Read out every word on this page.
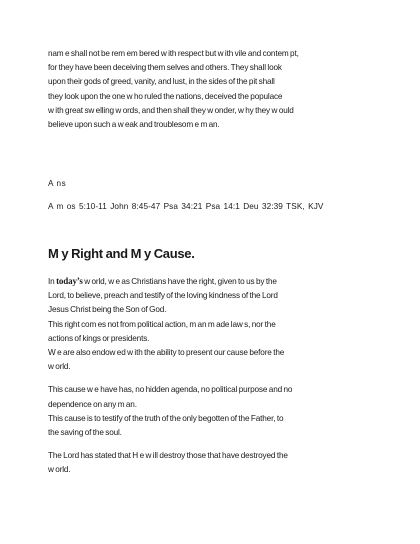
nam e shall not be rem em bered w ith respect but w ith vile and contem pt,

for they have been deceiving them selves and others. They shall look

upon their gods of greed, vanity, and lust, in the sides of the pit shall

they look upon the one w ho ruled the nations, deceived the populace

w ith great sw elling w ords, and then shall they w onder, w hy they w ould

believe upon such a w eak and troublesom e m an.

A ns

A m os 5:10-11 John 8:45-47 Psa 34:21 Psa 14:1 Deu 32:39 TSK, KJV

M y Right and M y Cause.

In today’s w orld, w e as Christians have the right, given to us by the

Lord, to believe, preach and testify of the loving kindness of the Lord

Jesus Christ being the Son of God.

This right com es not from political action, m an m ade law s, nor the

actions of kings or presidents.

W e are also endow ed w ith the ability to present our cause before the

w orld.

This cause w e have has, no hidden agenda, no political purpose and no

dependence on any m an.

This cause is to testify of the truth of the only begotten of the Father, to

the saving of the soul.

The Lord has stated that H e w ill destroy those that have destroyed the

w orld.
